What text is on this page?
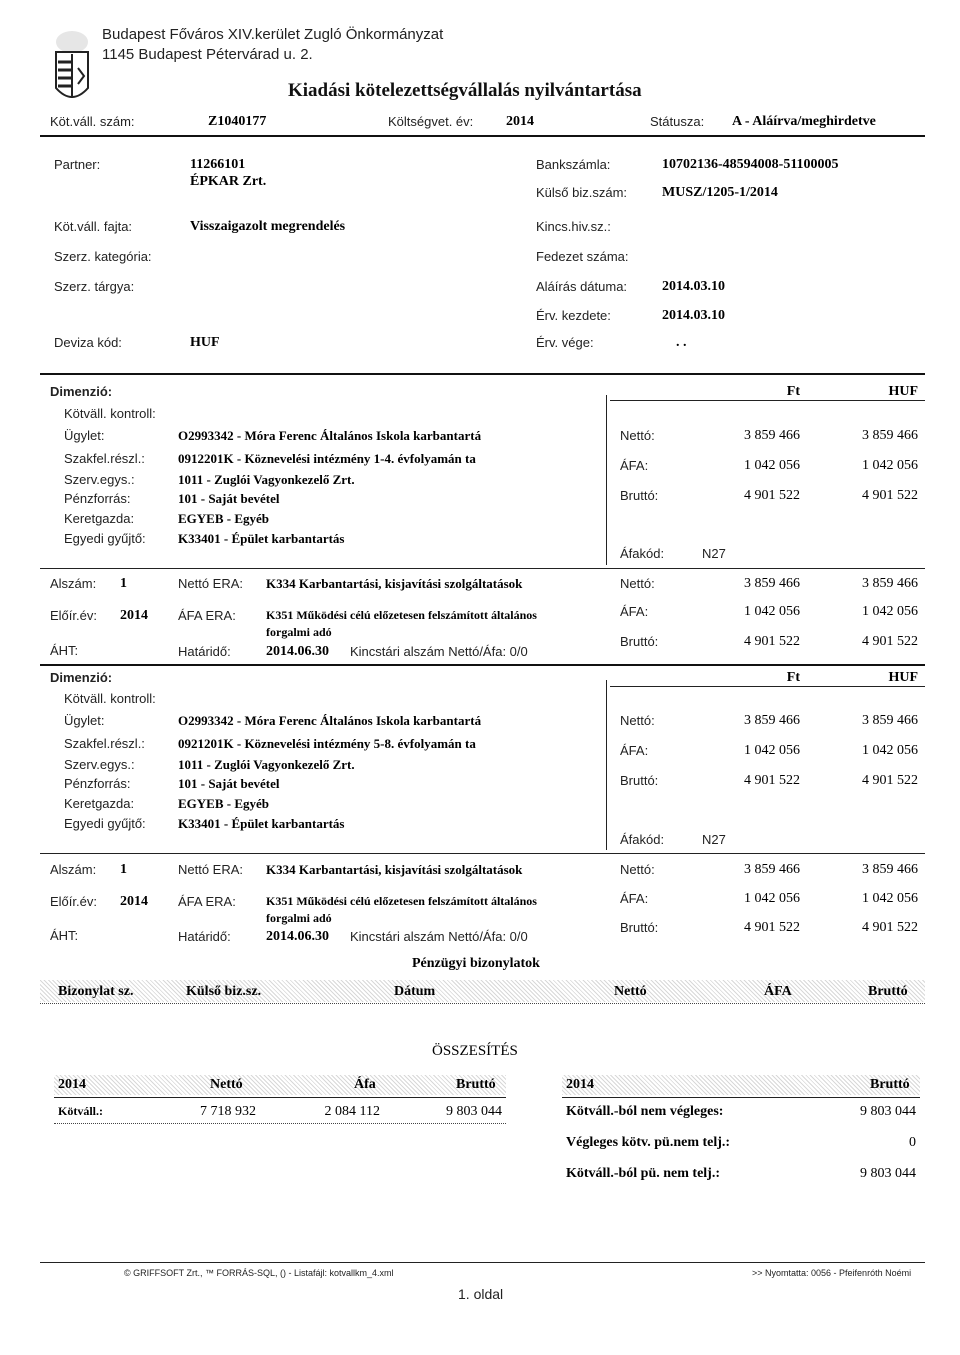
Budapest Főváros XIV.kerület Zugló Önkormányzat
1145 Budapest Pétervárad u. 2.
Kiadási kötelezettségvállalás nyilvántartása
Köt.váll. szám:	Z1040177	Költségvet. év: 2014	Státusza: A - Aláírva/meghirdetve
Partner:	11266101
ÉPKAR Zrt.
Bankszámla:	10702136-48594008-51100005
Külső biz.szám: MUSZ/1205-1/2014
Köt.váll. fajta:	Visszaigazolt megrendelés	Kincs.hiv.sz.:
Szerz. kategória:	Fedezet száma:
Szerz. tárgya:	Aláírás dátuma: 2014.03.10
Érv. kezdete:	2014.03.10
Deviza kód:	HUF	Érv. vége:	. .
Dimenzió:	Ft	HUF
Kötväll. kontroll:
Ügylet:	O2993342 - Móra Ferenc Általános Iskola karbantartá
Szakfel.részl.:	0912201K - Köznevelési intézmény 1-4. évfolyamán ta
Szerv.egys.:	1011 - Zuglói Vagyonkezelő Zrt.
Pénzforrás:	101 - Saját bevétel
Keretgazda:	EGYEB - Egyéb
Egyedi gyűjtő: K33401 - Épület karbantartás
Nettó:	3 859 466	3 859 466
ÁFA:	1 042 056	1 042 056
Bruttó:	4 901 522	4 901 522
Áfakód:	N27
Alszám: 1	Nettó ERA: K334 Karbantartási, kisjavítási szolgáltatások
Előír.év: 2014 ÁFA ERA:	K351 Működési célú előzetesen felszámított általános
forgalmi adó
ÁHT:	Határidő:	2014.06.30 Kincstári alszám Nettó/Áfa: 0/0
Nettó:	3 859 466	3 859 466
ÁFA:	1 042 056	1 042 056
Bruttó:	4 901 522	4 901 522
Dimenzió:	Ft	HUF
Kötväll. kontroll:
Ügylet:	O2993342 - Móra Ferenc Általános Iskola karbantartá
Szakfel.részl.:	0921201K - Köznevelési intézmény 5-8. évfolyamán ta
Szerv.egys.:	1011 - Zuglói Vagyonkezelő Zrt.
Pénzforrás:	101 - Saját bevétel
Keretgazda:	EGYEB - Egyéb
Egyedi gyűjtő: K33401 - Épület karbantartás
Nettó:	3 859 466	3 859 466
ÁFA:	1 042 056	1 042 056
Bruttó:	4 901 522	4 901 522
Áfakód:	N27
Alszám: 1	Nettó ERA: K334 Karbantartási, kisjavítási szolgáltatások
Előír.év: 2014 ÁFA ERA:	K351 Működési célú előzetesen felszámított általános
forgalmi adó
ÁHT:	Határidő:	2014.06.30 Kincstári alszám Nettó/Áfa: 0/0
Nettó:	3 859 466	3 859 466
ÁFA:	1 042 056	1 042 056
Bruttó:	4 901 522	4 901 522
Pénzügyi bizonylatok
Bizonylat sz.	Külső biz.sz.	Dátum	Nettó	ÁFA	Bruttó
ÖSSZESÍTÉS
2014	Nettó	Áfa	Bruttó
Kötváll.:	7 718 932	2 084 112	9 803 044
2014	Bruttó
Kötváll.-ból nem végleges:	9 803 044
Végleges kötv. pü.nem telj.:	0
Kötváll.-ból pü. nem telj.:	9 803 044
© GRIFFSOFT Zrt., ™ FORRÁS-SQL, () - Listafájl: kotvallkm_4.xml	>> Nyomtatta: 0056 - Pfeifenróth Noémi
1. oldal
